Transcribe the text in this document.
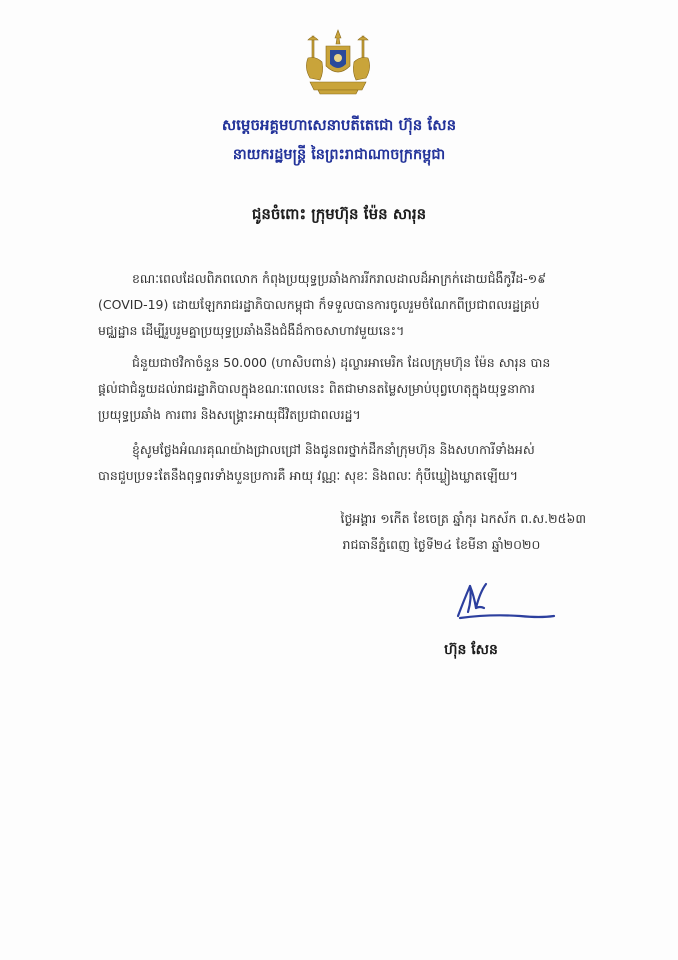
សម្តេចអគ្គមហាសេនាបតីតេជោ ហ៊ុន សែន
នាយករដ្ឋមន្ត្រី នៃព្រះរាជាណាចក្រកម្ពុជា
ជូនចំពោះ ក្រុមហ៊ុន ម៉ែន សារុន
ខណៈពេលដែលពិភពលោក កំពុងប្រយុទ្ធប្រឆាំងការរីករាលដាលដ៏អាក្រក់ដោយជំងឺកូវីដ-១៩
(COVID-19) ដោយឡែករាជរដ្ឋាភិបាលកម្ពុជា ក៏ទទួលបានការចូលរួមចំណែកពីប្រជាពលរដ្ឋគ្រប់
មជ្ឈដ្ឋាន ដើម្បីរួបរួមគ្នាប្រយុទ្ធប្រឆាំងនឹងជំងឺដ៏កាចសាហាវមួយនេះ។
ជំនួយជាថវិកាចំនួន 50.000 (ហាសិបពាន់) ដុល្លារអាមេរិក ដែលក្រុមហ៊ុន ម៉ែន សារុន បាន
ផ្តល់ជាជំនួយដល់រាជរដ្ឋាភិបាលក្នុងខណៈពេលនេះ ពិតជាមានតម្លៃសម្រាប់បុព្វហេតុក្នុងយុទ្ធនាការ
ប្រយុទ្ធប្រឆាំង ការពារ និងសង្គ្រោះអាយុជីវិតប្រជាពលរដ្ឋ។
ខ្ញុំសូមថ្លែងអំណរគុណយ៉ាងជ្រាលជ្រៅ និងជូនពរថ្នាក់ដឹកនាំក្រុមហ៊ុន និងសហការីទាំងអស់
បានជួបប្រទះតែនឹងពុទ្ធពរទាំងបួនប្រការគឺ អាយុ វណ្ណៈ សុខៈ និងពលៈ កុំបីឃ្លៀងឃ្លាតឡើយ។
ថ្ងៃអង្គារ ១កើត ខែចេត្រ ឆ្នាំកុរ ឯកស័ក ព.ស.២៥៦៣
រាជធានីភ្នំពេញ ថ្ងៃទី២៤ ខែមីនា ឆ្នាំ២០២០
ហ៊ុន សែន
